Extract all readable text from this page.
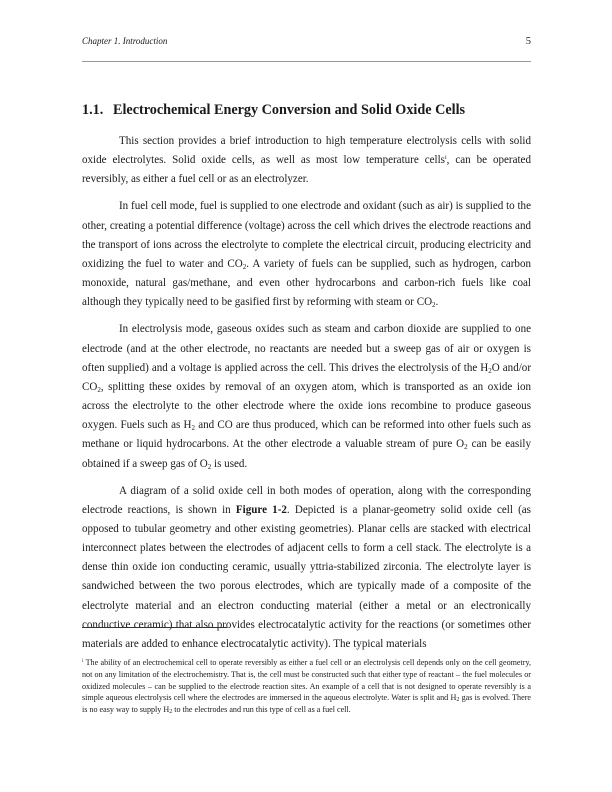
Chapter 1. Introduction	5
1.1. Electrochemical Energy Conversion and Solid Oxide Cells

This section provides a brief introduction to high temperature electrolysis cells with solid oxide electrolytes. Solid oxide cells, as well as most low temperature cells$^i$, can be operated reversibly, as either a fuel cell or as an electrolyzer.

In fuel cell mode, fuel is supplied to one electrode and oxidant (such as air) is supplied to the other, creating a potential difference (voltage) across the cell which drives the electrode reactions and the transport of ions across the electrolyte to complete the electrical circuit, producing electricity and oxidizing the fuel to water and $CO_2$. A variety of fuels can be supplied, such as hydrogen, carbon monoxide, natural gas/methane, and even other hydrocarbons and carbon-rich fuels like coal although they typically need to be gasified first by reforming with steam or $CO_2$.

In electrolysis mode, gaseous oxides such as steam and carbon dioxide are supplied to one electrode (and at the other electrode, no reactants are needed but a sweep gas of air or oxygen is often supplied) and a voltage is applied across the cell. This drives the electrolysis of the $H_2O$ and/or $CO_2$, splitting these oxides by removal of an oxygen atom, which is transported as an oxide ion across the electrolyte to the other electrode where the oxide ions recombine to produce gaseous oxygen. Fuels such as $H_2$ and CO are thus produced, which can be reformed into other fuels such as methane or liquid hydrocarbons. At the other electrode a valuable stream of pure $O_2$ can be easily obtained if a sweep gas of $O_2$ is used.

A diagram of a solid oxide cell in both modes of operation, along with the corresponding electrode reactions, is shown in Figure 1-2. Depicted is a planar-geometry solid oxide cell (as opposed to tubular geometry and other existing geometries). Planar cells are stacked with electrical interconnect plates between the electrodes of adjacent cells to form a cell stack. The electrolyte is a dense thin oxide ion conducting ceramic, usually yttria-stabilized zirconia. The electrolyte layer is sandwiched between the two porous electrodes, which are typically made of a composite of the electrolyte material and an electron conducting material (either a metal or an electronically conductive ceramic) that also provides electrocatalytic activity for the reactions (or sometimes other materials are added to enhance electrocatalytic activity). The typical materials

$^i$ The ability of an electrochemical cell to operate reversibly as either a fuel cell or an electrolysis cell depends only on the cell geometry, not on any limitation of the electrochemistry. That is, the cell must be constructed such that either type of reactant – the fuel molecules or oxidized molecules – can be supplied to the electrode reaction sites. An example of a cell that is not designed to operate reversibly is a simple aqueous electrolysis cell where the electrodes are immersed in the aqueous electrolyte. Water is split and $H_2$ gas is evolved. There is no easy way to supply $H_2$ to the electrodes and run this type of cell as a fuel cell.
